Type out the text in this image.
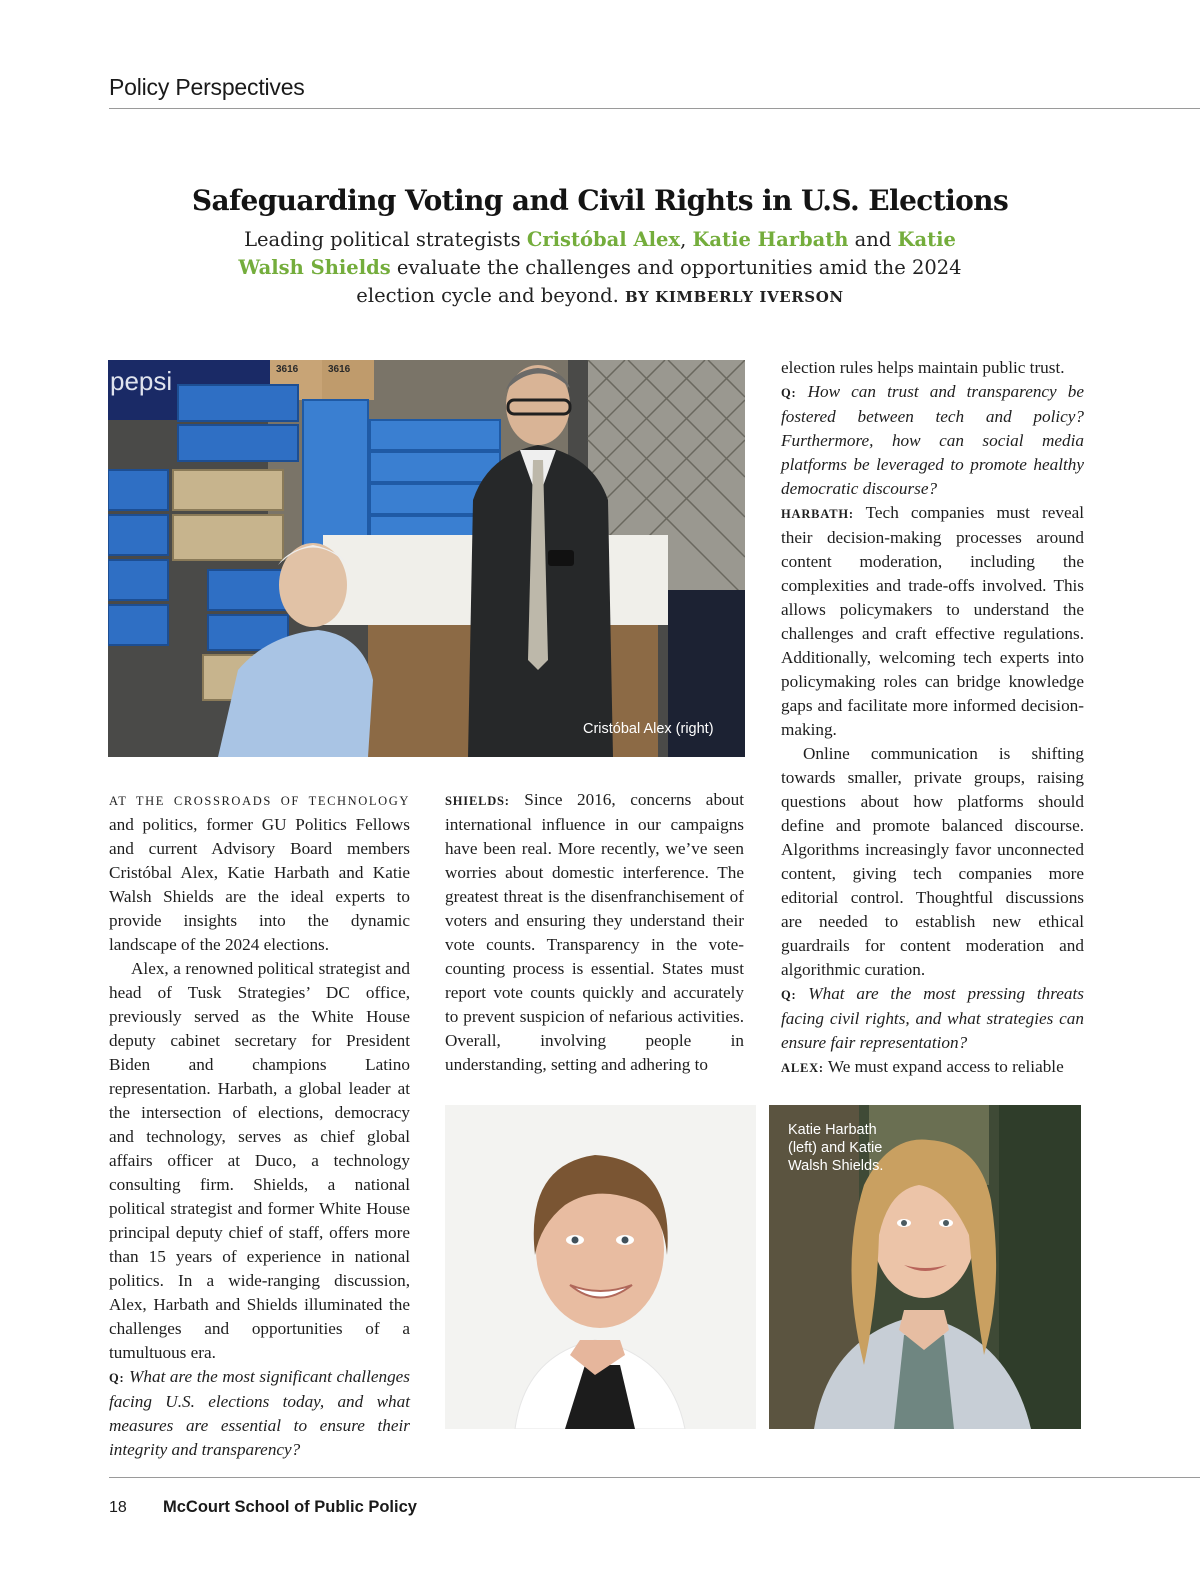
Policy Perspectives
Safeguarding Voting and Civil Rights in U.S. Elections
Leading political strategists Cristóbal Alex, Katie Harbath and Katie Walsh Shields evaluate the challenges and opportunities amid the 2024 election cycle and beyond. BY KIMBERLY IVERSON
pepsi	3616	3616
Cristóbal Alex (right)

AT THE CROSSROADS OF TECHNOLOGY and politics, former GU Politics Fellows and current Advisory Board members Cristóbal Alex, Katie Harbath and Katie Walsh Shields are the ideal experts to provide insights into the dynamic landscape of the 2024 elections.

Alex, a renowned political strategist and head of Tusk Strategies’ DC office, previously served as the White House deputy cabinet secretary for President Biden and champions Latino representation. Harbath, a global leader at the intersection of elections, democracy and technology, serves as chief global affairs officer at Duco, a technology consulting firm. Shields, a national political strategist and former White House principal deputy chief of staff, offers more than 15 years of experience in national politics. In a wide-ranging discussion, Alex, Harbath and Shields illuminated the challenges and opportunities of a tumultuous era.

Q: What are the most significant challenges facing U.S. elections today, and what measures are essential to ensure their integrity and transparency?

SHIELDS: Since 2016, concerns about international influence in our campaigns have been real. More recently, we’ve seen worries about domestic interference. The greatest threat is the disenfranchisement of voters and ensuring they understand their vote counts. Transparency in the vote-counting process is essential. States must report vote counts quickly and accurately to prevent suspicion of nefarious activities. Overall, involving people in understanding, setting and adhering to

election rules helps maintain public trust.

Q: How can trust and transparency be fostered between tech and policy? Furthermore, how can social media platforms be leveraged to promote healthy democratic discourse?

HARBATH: Tech companies must reveal their decision-making processes around content moderation, including the complexities and trade-offs involved. This allows policymakers to understand the challenges and craft effective regulations. Additionally, welcoming tech experts into policymaking roles can bridge knowledge gaps and facilitate more informed decision-making.

Online communication is shifting towards smaller, private groups, raising questions about how platforms should define and promote balanced discourse. Algorithms increasingly favor unconnected content, giving tech companies more editorial control. Thoughtful discussions are needed to establish new ethical guardrails for content moderation and algorithmic curation.

Q: What are the most pressing threats facing civil rights, and what strategies can ensure fair representation?

ALEX: We must expand access to reliable

Katie Harbath (left) and Katie Walsh Shields.
18 McCourt School of Public Policy
